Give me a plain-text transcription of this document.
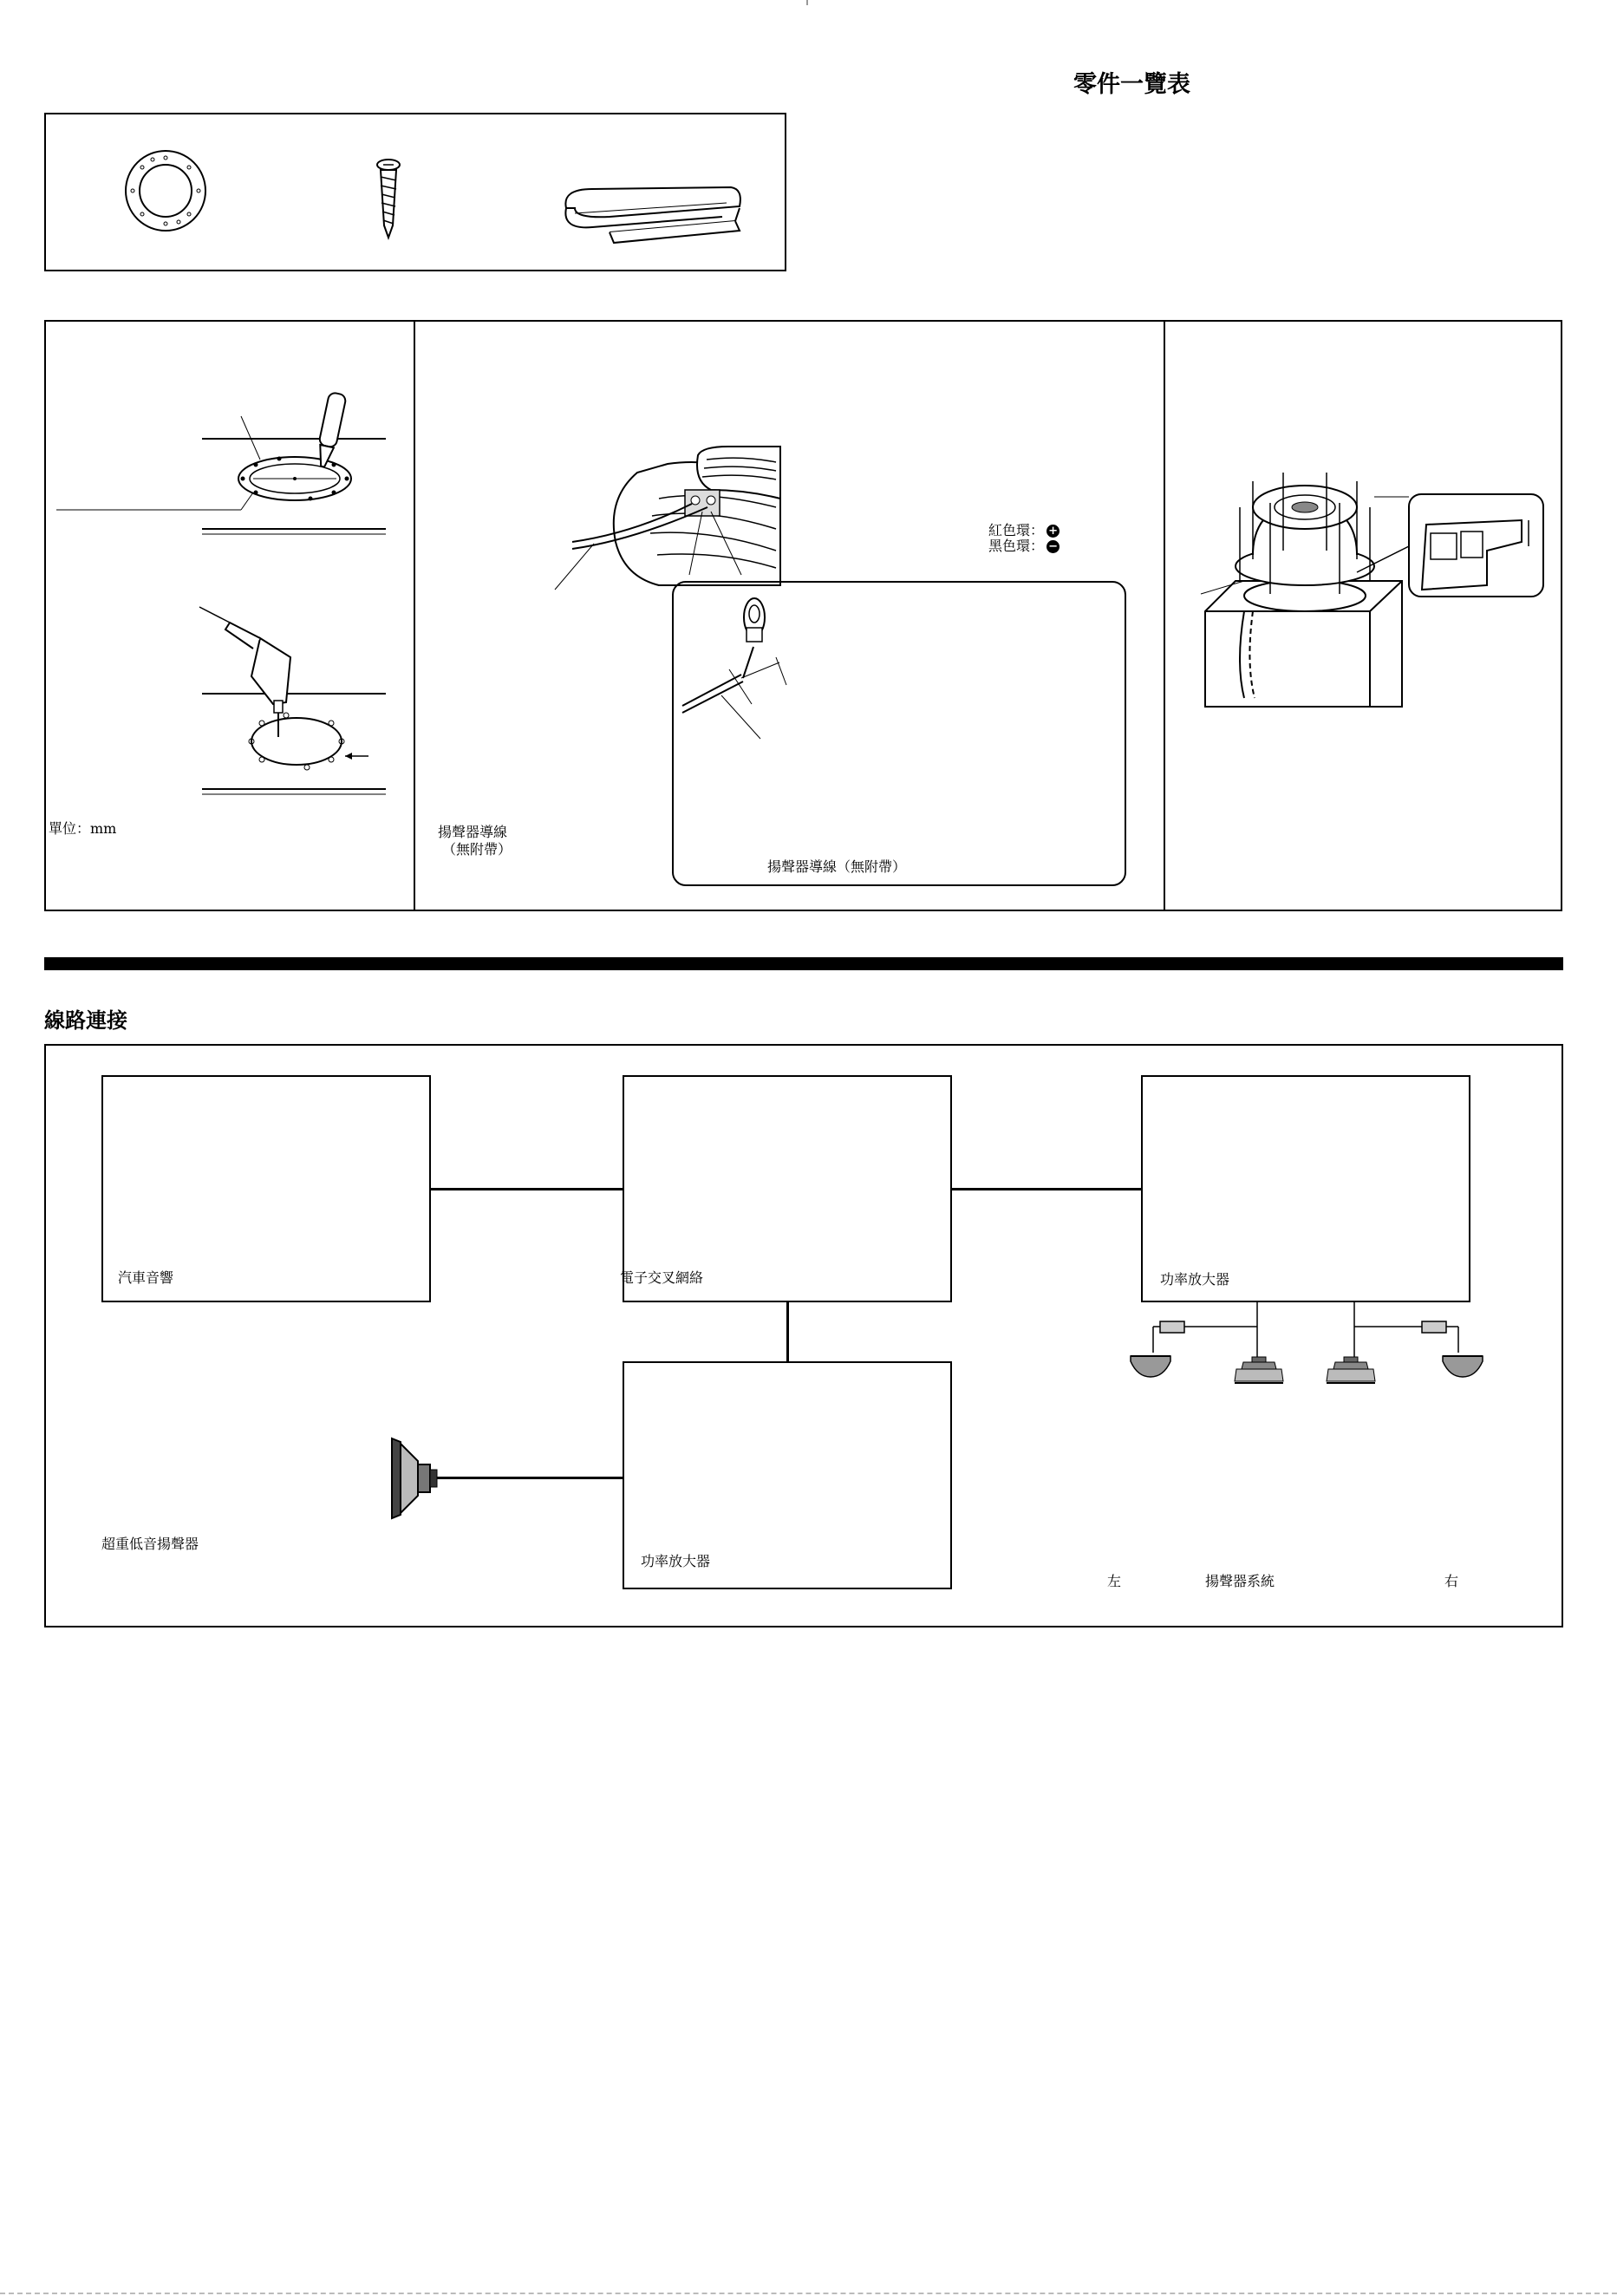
零件一覽表
單位：mm
紅色環： +
黑色環： −
揚聲器導線（無附帶）
揚聲器導線
（無附帶）
線路連接
汽車音響	電子交叉網絡	功率放大器
功率放大器
超重低音揚聲器
左	揚聲器系統	右
